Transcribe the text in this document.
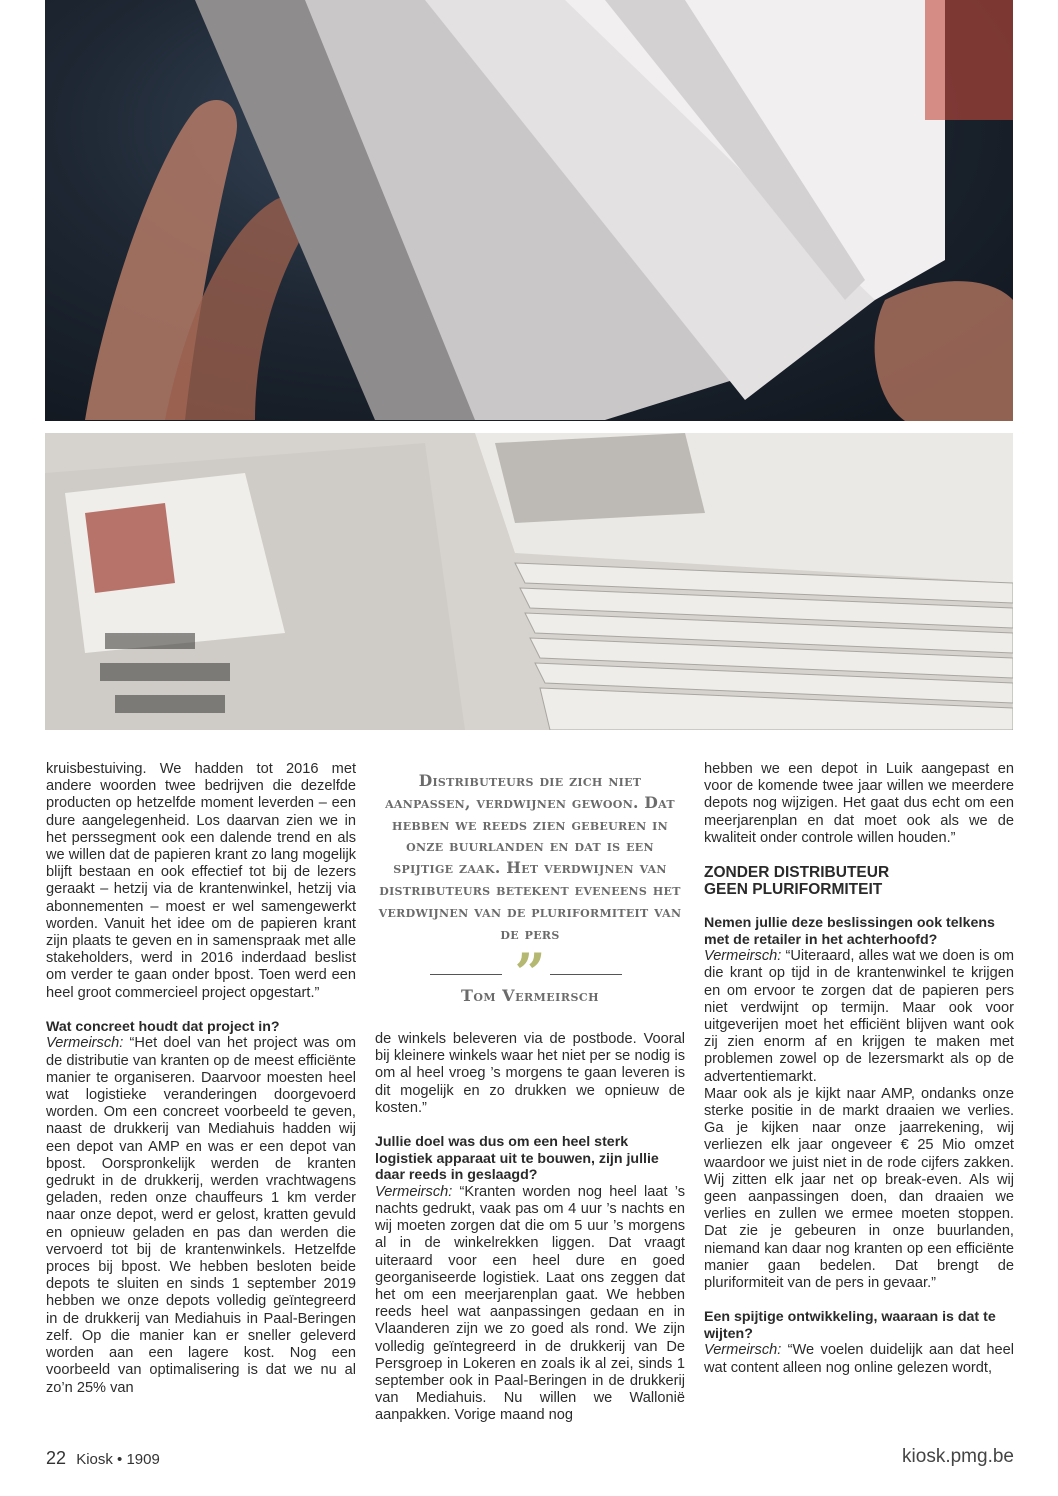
kruisbestuiving. We hadden tot 2016 met andere woorden twee bedrijven die dezelfde producten op hetzelfde moment leverden – een dure aangelegenheid. Los daarvan zien we in het perssegment ook een dalende trend en als we willen dat de papieren krant zo lang mogelijk blijft bestaan en ook effectief tot bij de lezers geraakt – hetzij via de krantenwinkel, hetzij via abonnementen – moest er wel samengewerkt worden. Vanuit het idee om de papieren krant zijn plaats te geven en in samenspraak met alle stakeholders, werd in 2016 inderdaad beslist om verder te gaan onder bpost. Toen werd een heel groot commercieel project opgestart.”

Wat concreet houdt dat project in?

Vermeirsch: “Het doel van het project was om de distributie van kranten op de meest efficiënte manier te organiseren. Daarvoor moesten heel wat logistieke veranderingen doorgevoerd worden. Om een concreet voorbeeld te geven, naast de drukkerij van Mediahuis hadden wij een depot van AMP en was er een depot van bpost. Oorspronkelijk werden de kranten gedrukt in de drukkerij, werden vrachtwagens geladen, reden onze chauffeurs 1 km verder naar onze depot, werd er gelost, kratten gevuld en opnieuw geladen en pas dan werden die vervoerd tot bij de krantenwinkels. Hetzelfde proces bij bpost. We hebben besloten beide depots te sluiten en sinds 1 september 2019 hebben we onze depots volledig geïntegreerd in de drukkerij van Mediahuis in Paal-Beringen zelf. Op die manier kan er sneller geleverd worden aan een lagere kost. Nog een voorbeeld van optimalisering is dat we nu al zo’n 25% van

Distributeurs die zich niet aanpassen, verdwijnen gewoon. Dat hebben we reeds zien gebeuren in onze buurlanden en dat is een spijtige zaak. Het verdwijnen van distributeurs betekent eveneens het verdwijnen van de pluriformiteit van de pers
”
Tom Vermeirsch

de winkels beleveren via de postbode. Vooral bij kleinere winkels waar het niet per se nodig is om al heel vroeg ’s morgens te gaan leveren is dit mogelijk en zo drukken we opnieuw de kosten.”

Jullie doel was dus om een heel sterk logistiek apparaat uit te bouwen, zijn jullie daar reeds in geslaagd?

Vermeirsch: “Kranten worden nog heel laat ’s nachts gedrukt, vaak pas om 4 uur ’s nachts en wij moeten zorgen dat die om 5 uur ’s morgens al in de winkelrekken liggen. Dat vraagt uiteraard voor een heel dure en goed georganiseerde logistiek. Laat ons zeggen dat het om een meerjarenplan gaat. We hebben reeds heel wat aanpassingen gedaan en in Vlaanderen zijn we zo goed als rond. We zijn volledig geïntegreerd in de drukkerij van De Persgroep in Lokeren en zoals ik al zei, sinds 1 september ook in Paal-Beringen in de drukkerij van Mediahuis. Nu willen we Wallonië aanpakken. Vorige maand nog

hebben we een depot in Luik aangepast en voor de komende twee jaar willen we meerdere depots nog wijzigen. Het gaat dus echt om een meerjarenplan en dat moet ook als we de kwaliteit onder controle willen houden.”

ZONDER DISTRIBUTEUR
GEEN PLURIFORMITEIT

Nemen jullie deze beslissingen ook telkens met de retailer in het achterhoofd?

Vermeirsch: “Uiteraard, alles wat we doen is om die krant op tijd in de krantenwinkel te krijgen en om ervoor te zorgen dat de papieren pers niet verdwijnt op termijn. Maar ook voor uitgeverijen moet het efficiënt blijven want ook zij zien enorm af en krijgen te maken met problemen zowel op de lezersmarkt als op de advertentiemarkt.

Maar ook als je kijkt naar AMP, ondanks onze sterke positie in de markt draaien we verlies. Ga je kijken naar onze jaarrekening, wij verliezen elk jaar ongeveer € 25 Mio omzet waardoor we juist niet in de rode cijfers zakken. Wij zitten elk jaar net op break-even. Als wij geen aanpassingen doen, dan draaien we verlies en zullen we ermee moeten stoppen. Dat zie je gebeuren in onze buurlanden, niemand kan daar nog kranten op een efficiënte manier gaan bedelen. Dat brengt de pluriformiteit van de pers in gevaar.”

Een spijtige ontwikkeling, waaraan is dat te wijten?

Vermeirsch: “We voelen duidelijk aan dat heel wat content alleen nog online gelezen wordt,

22 Kiosk • 1909	kiosk.pmg.be
